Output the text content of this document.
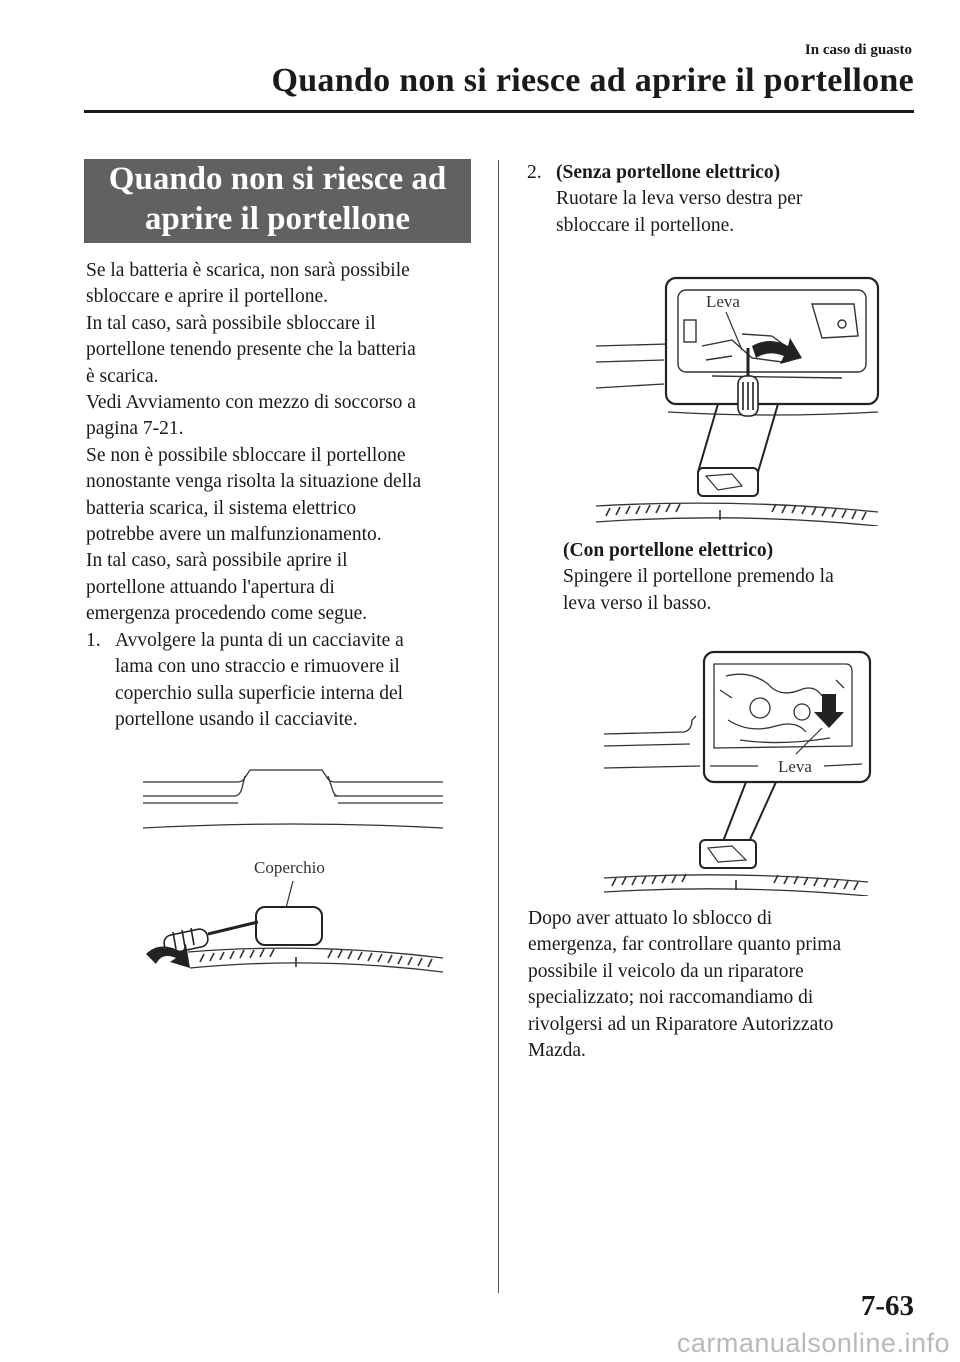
In caso di guasto
Quando non si riesce ad aprire il portellone
Quando non si riesce ad
aprire il portellone

Se la batteria è scarica, non sarà possibile

sbloccare e aprire il portellone.

In tal caso, sarà possibile sbloccare il

portellone tenendo presente che la batteria

è scarica.

Vedi Avviamento con mezzo di soccorso a

pagina 7-21.

Se non è possibile sbloccare il portellone

nonostante venga risolta la situazione della

batteria scarica, il sistema elettrico

potrebbe avere un malfunzionamento.

In tal caso, sarà possibile aprire il

portellone attuando l'apertura di

emergenza procedendo come segue.

1. Avvolgere la punta di un cacciavite a

lama con uno straccio e rimuovere il

coperchio sulla superficie interna del

portellone usando il cacciavite.

Coperchio
2. (Senza portellone elettrico)

Ruotare la leva verso destra per

sbloccare il portellone.

Leva

(Con portellone elettrico)

Spingere il portellone premendo la

leva verso il basso.

Leva

Dopo aver attuato lo sblocco di

emergenza, far controllare quanto prima

possibile il veicolo da un riparatore

specializzato; noi raccomandiamo di

rivolgersi ad un Riparatore Autorizzato

Mazda.

7-63
carmanualsonline.info
